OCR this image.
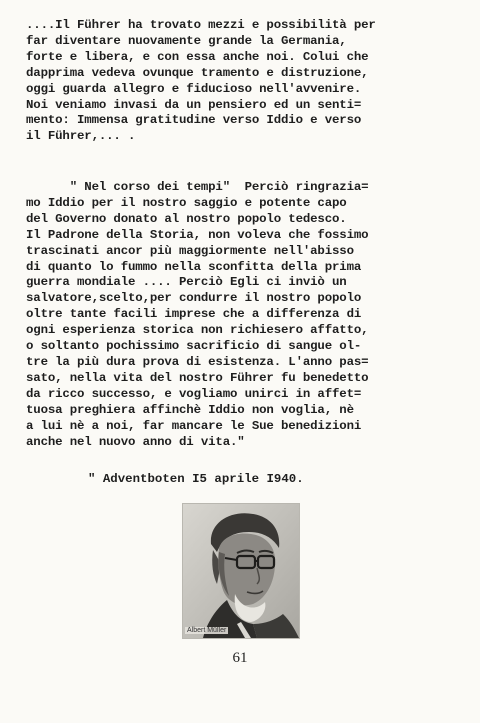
....Il Führer ha trovato mezzi e possibilità per
far diventare nuovamente grande la Germania,
forte e libera, e con essa anche noi. Colui che
dapprima vedeva ovunque tramento e distruzione,
oggi guarda allegro e fiducioso nell'avvenire.
Noi veniamo invasi da un pensiero ed un senti=
mento: Immensa gratitudine verso Iddio e verso
il Führer,... .
" Nel corso dei tempi"  Perciò ringrazia=
mo Iddio per il nostro saggio e potente capo
del Governo donato al nostro popolo tedesco.
Il Padrone della Storia, non voleva che fossimo
trascinati ancor più maggiormente nell'abisso
di quanto lo fummo nella sconfitta della prima
guerra mondiale .... Perciò Egli ci inviò un
salvatore,scelto,per condurre il nostro popolo
oltre tante facili imprese che a differenza di
ogni esperienza storica non richiesero affatto,
o soltanto pochissimo sacrificio di sangue ol-
tre la più dura prova di esistenza. L'anno pas=
sato, nella vita del nostro Führer fu benedetto
da ricco successo, e vogliamo unirci in affet=
tuosa preghiera affinchè Iddio non voglia, nè
a lui nè a noi, far mancare le Sue benedizioni
anche nel nuovo anno di vita."
" Adventboten I5 aprile I940.
Albert Müller
61
